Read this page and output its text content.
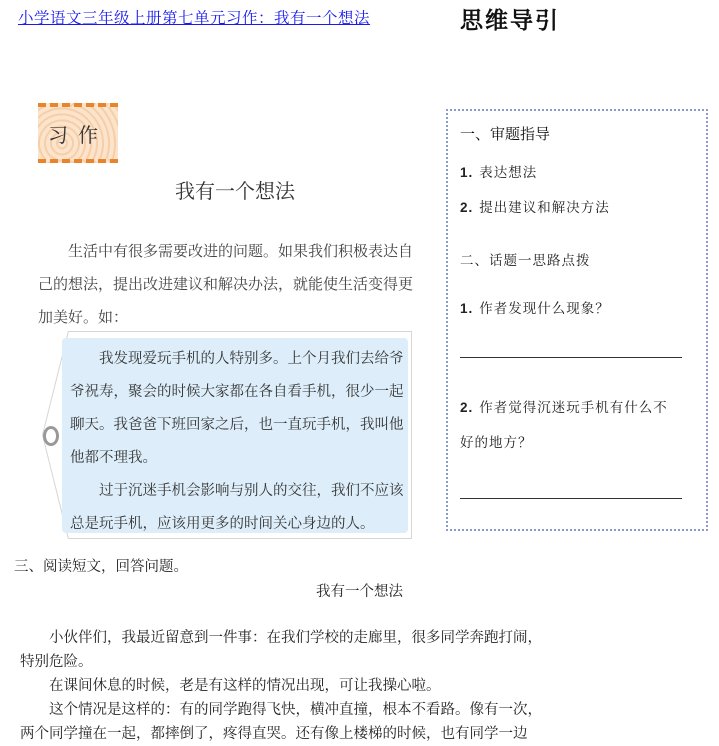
小学语文三年级上册第七单元习作：我有一个想法	思维导引
习作
我有一个想法
生活中有很多需要改进的问题。如果我们积极表达自己的想法，提出改进建议和解决办法，就能使生活变得更加美好。如：

我发现爱玩手机的人特别多。上个月我们去给爷爷祝寿，聚会的时候大家都在各自看手机，很少一起聊天。我爸爸下班回家之后，也一直玩手机，我叫他他都不理我。

过于沉迷手机会影响与别人的交往，我们不应该总是玩手机，应该用更多的时间关心身边的人。

一、审题指导
1. 表达想法
2. 提出建议和解决方法
二、话题一思路点拨
1. 作者发现什么现象？
2. 作者觉得沉迷玩手机有什么不
好的地方？
三、阅读短文，回答问题。
我有一个想法
小伙伴们，我最近留意到一件事：在我们学校的走廊里，很多同学奔跑打闹，
特别危险。
在课间休息的时候，老是有这样的情况出现，可让我操心啦。
这个情况是这样的：有的同学跑得飞快，横冲直撞，根本不看路。像有一次，
两个同学撞在一起，都摔倒了，疼得直哭。还有像上楼梯的时候，也有同学一边
